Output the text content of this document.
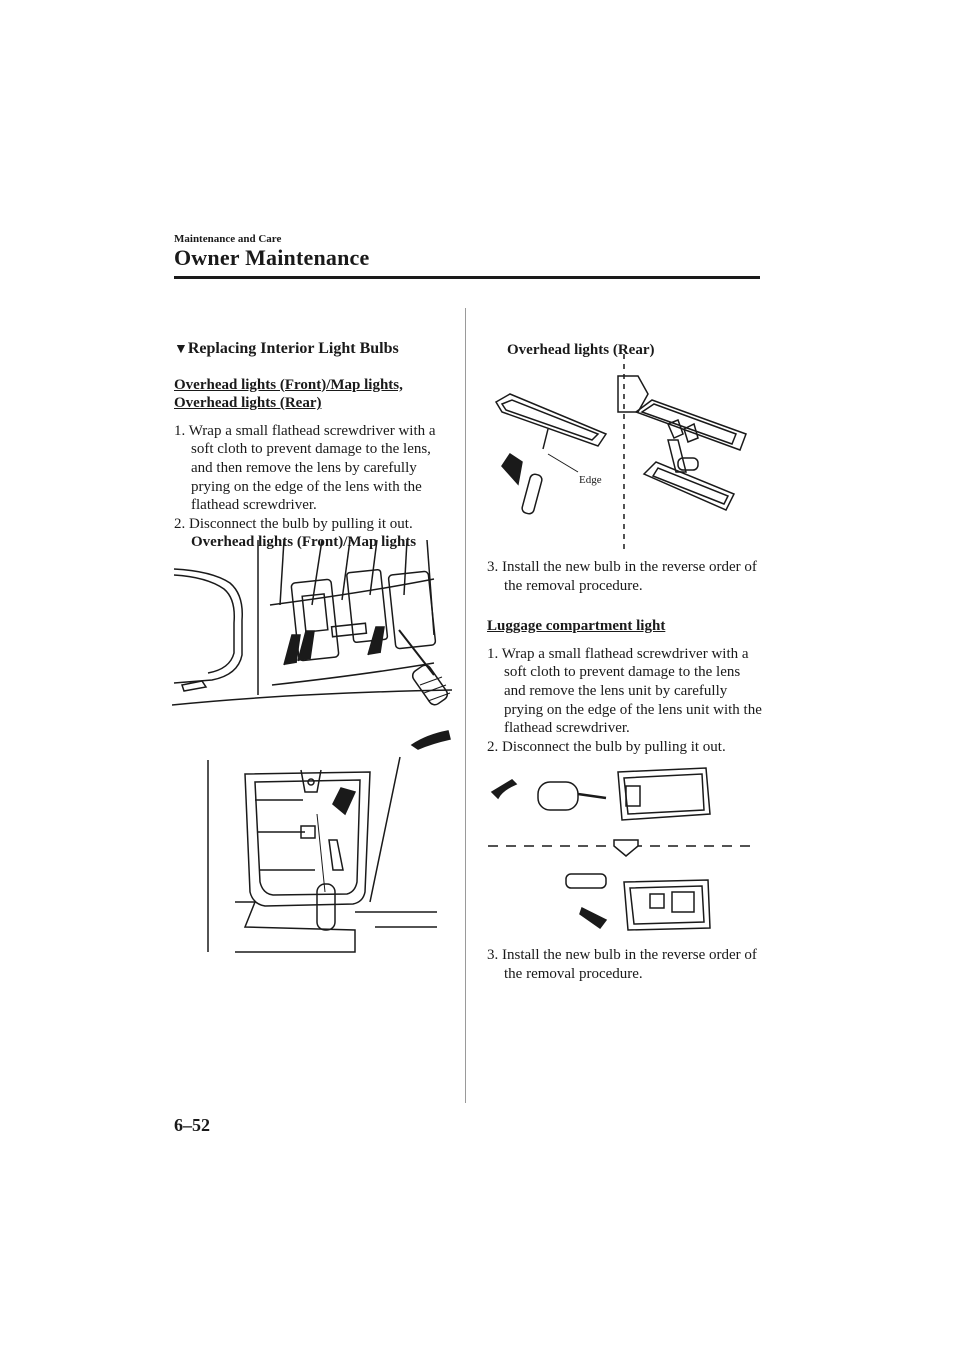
Maintenance and Care
Owner Maintenance
▼Replacing Interior Light Bulbs
Overhead lights (Front)/Map lights, Overhead lights (Rear)
1. Wrap a small flathead screwdriver with a soft cloth to prevent damage to the lens, and then remove the lens by carefully prying on the edge of the lens with the flathead screwdriver.
2. Disconnect the bulb by pulling it out.
Overhead lights (Front)/Map lights
Overhead lights (Rear)
Edge
3. Install the new bulb in the reverse order of the removal procedure.
Luggage compartment light
1. Wrap a small flathead screwdriver with a soft cloth to prevent damage to the lens and remove the lens unit by carefully prying on the edge of the lens unit with the flathead screwdriver.
2. Disconnect the bulb by pulling it out.
3. Install the new bulb in the reverse order of the removal procedure.
6–52
